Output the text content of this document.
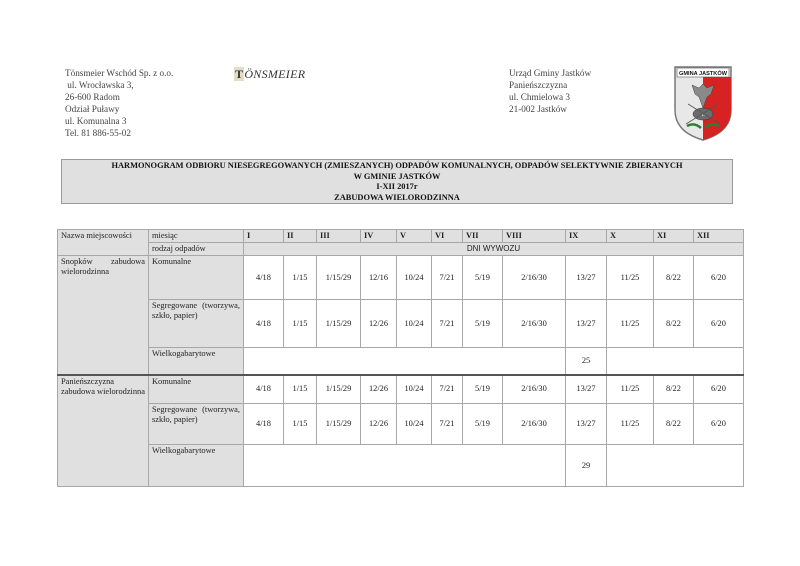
Tönsmeier Wschód Sp. z o.o.
ul. Wrocławska 3,
26-600 Radom
Odział Puławy
ul. Komunalna 3
Tel. 81 886-55-02
TÖNSMEIER	Urząd Gminy Jastków
Panieńszczyzna
ul. Chmielowa 3
21-002 Jastków
GMINA JASTKÓW
L
HARMONOGRAM ODBIORU NIESEGREGOWANYCH (ZMIESZANYCH) ODPADÓW KOMUNALNYCH, ODPADÓW SELEKTYWNIE ZBIERANYCH
W GMINIE JASTKÓW
I-XII 2017r
ZABUDOWA WIELORODZINNA
Nazwa miejscowości	miesiąc	I	II	III	IV	V	VI	VII	VIII	IX	X	XI	XII
	rodzaj odpadów	DNI WYWOZU											
Snopków zabudowa wielorodzinna	Komunalne	4/18	1/15	1/15/29	12/16	10/24	7/21	5/19	2/16/30	13/27	11/25	8/22	6/20
	Segregowane (tworzywa, szkło, papier)	4/18	1/15	1/15/29	12/26	10/24	7/21	5/19	2/16/30	13/27	11/25	8/22	6/20
	Wielkogabarytowe									25			
Panieńszczyzna zabudowa wielorodzinna	Komunalne	4/18	1/15	1/15/29	12/26	10/24	7/21	5/19	2/16/30	13/27	11/25	8/22	6/20
	Segregowane (tworzywa, szkło, papier)	4/18	1/15	1/15/29	12/26	10/24	7/21	5/19	2/16/30	13/27	11/25	8/22	6/20
	Wielkogabarytowe									29			
